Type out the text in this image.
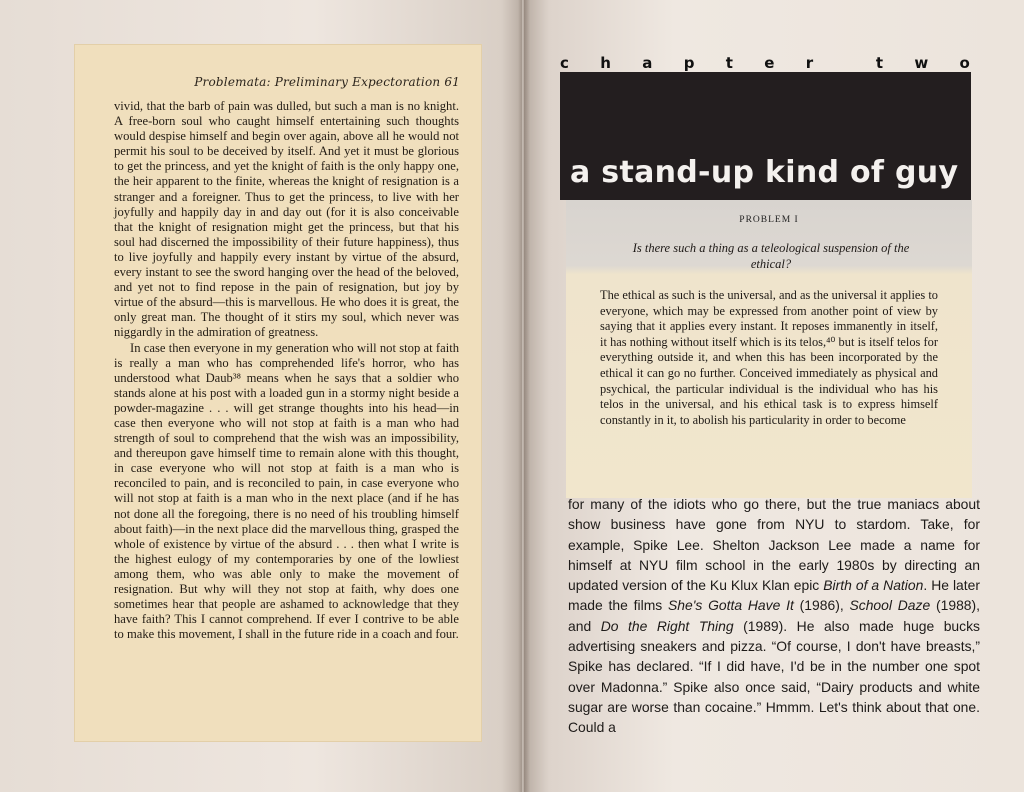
Problemata: Preliminary Expectoration 61

vivid, that the barb of pain was dulled, but such a man is no knight. A free-born soul who caught himself entertaining such thoughts would despise himself and begin over again, above all he would not permit his soul to be deceived by itself. And yet it must be glorious to get the princess, and yet the knight of faith is the only happy one, the heir apparent to the finite, whereas the knight of resignation is a stranger and a foreigner. Thus to get the princess, to live with her joyfully and happily day in and day out (for it is also conceivable that the knight of resignation might get the princess, but that his soul had discerned the impossibility of their future happiness), thus to live joyfully and happily every instant by virtue of the absurd, every instant to see the sword hanging over the head of the beloved, and yet not to find repose in the pain of resignation, but joy by virtue of the absurd—this is marvellous. He who does it is great, the only great man. The thought of it stirs my soul, which never was niggardly in the admiration of greatness.

In case then everyone in my generation who will not stop at faith is really a man who has comprehended life's horror, who has understood what Daub³⁸ means when he says that a soldier who stands alone at his post with a loaded gun in a stormy night beside a powder-magazine . . . will get strange thoughts into his head—in case then everyone who will not stop at faith is a man who had strength of soul to comprehend that the wish was an impossibility, and thereupon gave himself time to remain alone with this thought, in case everyone who will not stop at faith is a man who is reconciled to pain, and is reconciled to pain, in case everyone who will not stop at faith is a man who in the next place (and if he has not done all the foregoing, there is no need of his troubling himself about faith)—in the next place did the marvellous thing, grasped the whole of existence by virtue of the absurd . . . then what I write is the highest eulogy of my contemporaries by one of the lowliest among them, who was able only to make the movement of resignation. But why will they not stop at faith, why does one sometimes hear that people are ashamed to acknowledge that they have faith? This I cannot comprehend. If ever I contrive to be able to make this movement, I shall in the future ride in a coach and four.

c h a p t e r	t w o
a stand-up kind of guy
PROBLEM I
Is there such a thing as a teleological suspension of the ethical?

The ethical as such is the universal, and as the universal it applies to everyone, which may be expressed from another point of view by saying that it applies every instant. It reposes immanently in itself, it has nothing without itself which is its telos,⁴⁰ but is itself telos for everything outside it, and when this has been incorporated by the ethical it can go no further. Conceived immediately as physical and psychical, the particular individual is the individual who has his telos in the universal, and his ethical task is to express himself constantly in it, to abolish his particularity in order to become

for many of the idiots who go there, but the true maniacs about show business have gone from NYU to stardom. Take, for example, Spike Lee. Shelton Jackson Lee made a name for himself at NYU film school in the early 1980s by directing an updated version of the Ku Klux Klan epic Birth of a Nation. He later made the films She's Gotta Have It (1986), School Daze (1988), and Do the Right Thing (1989). He also made huge bucks advertising sneakers and pizza. “Of course, I don't have breasts,” Spike has declared. “If I did have, I'd be in the number one spot over Madonna.” Spike also once said, “Dairy products and white sugar are worse than cocaine.” Hmmm. Let's think about that one. Could a
